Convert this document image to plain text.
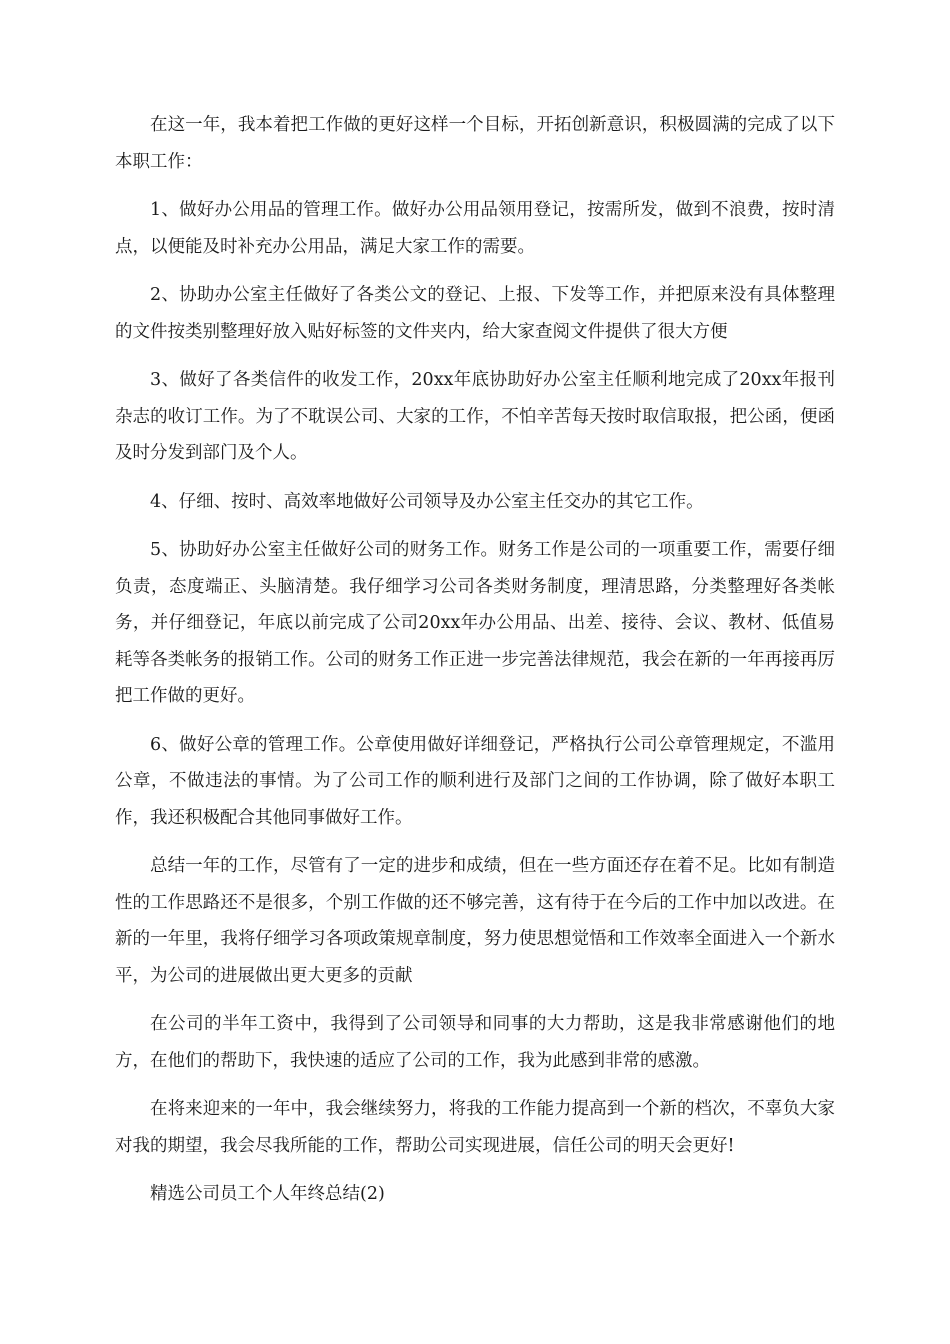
在这一年，我本着把工作做的更好这样一个目标，开拓创新意识，积极圆满的完成了以下本职工作：

1、做好办公用品的管理工作。做好办公用品领用登记，按需所发，做到不浪费，按时清点，以便能及时补充办公用品，满足大家工作的需要。

2、协助办公室主任做好了各类公文的登记、上报、下发等工作，并把原来没有具体整理的文件按类别整理好放入贴好标签的文件夹内，给大家查阅文件提供了很大方便

3、做好了各类信件的收发工作，20xx年底协助好办公室主任顺利地完成了20xx年报刊杂志的收订工作。为了不耽误公司、大家的工作，不怕辛苦每天按时取信取报，把公函，便函及时分发到部门及个人。

4、仔细、按时、高效率地做好公司领导及办公室主任交办的其它工作。

5、协助好办公室主任做好公司的财务工作。财务工作是公司的一项重要工作，需要仔细负责，态度端正、头脑清楚。我仔细学习公司各类财务制度，理清思路，分类整理好各类帐务，并仔细登记，年底以前完成了公司20xx年办公用品、出差、接待、会议、教材、低值易耗等各类帐务的报销工作。公司的财务工作正进一步完善法律规范，我会在新的一年再接再厉把工作做的更好。

6、做好公章的管理工作。公章使用做好详细登记，严格执行公司公章管理规定，不滥用公章，不做违法的事情。为了公司工作的顺利进行及部门之间的工作协调，除了做好本职工作，我还积极配合其他同事做好工作。

总结一年的工作，尽管有了一定的进步和成绩，但在一些方面还存在着不足。比如有制造性的工作思路还不是很多，个别工作做的还不够完善，这有待于在今后的工作中加以改进。在新的一年里，我将仔细学习各项政策规章制度，努力使思想觉悟和工作效率全面进入一个新水平，为公司的进展做出更大更多的贡献

在公司的半年工资中，我得到了公司领导和同事的大力帮助，这是我非常感谢他们的地方，在他们的帮助下，我快速的适应了公司的工作，我为此感到非常的感激。

在将来迎来的一年中，我会继续努力，将我的工作能力提高到一个新的档次，不辜负大家对我的期望，我会尽我所能的工作，帮助公司实现进展，信任公司的明天会更好!

精选公司员工个人年终总结(2)
